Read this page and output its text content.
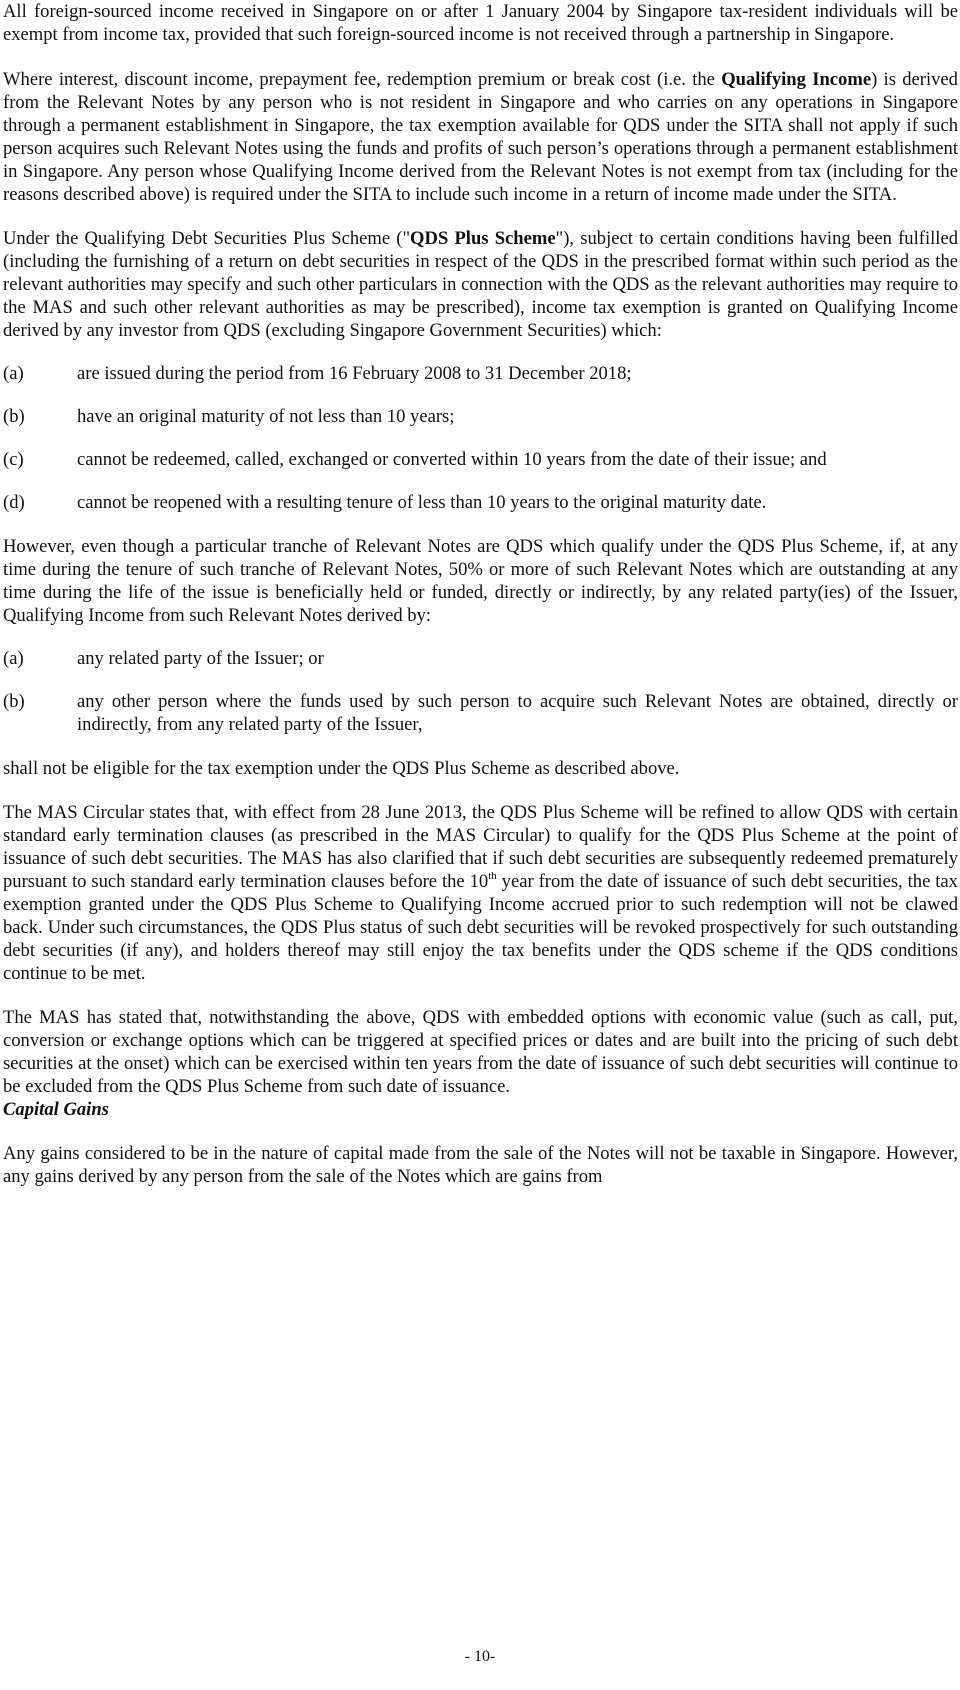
All foreign-sourced income received in Singapore on or after 1 January 2004 by Singapore tax-resident individuals will be exempt from income tax, provided that such foreign-sourced income is not received through a partnership in Singapore.

Where interest, discount income, prepayment fee, redemption premium or break cost (i.e. the Qualifying Income) is derived from the Relevant Notes by any person who is not resident in Singapore and who carries on any operations in Singapore through a permanent establishment in Singapore, the tax exemption available for QDS under the SITA shall not apply if such person acquires such Relevant Notes using the funds and profits of such person’s operations through a permanent establishment in Singapore. Any person whose Qualifying Income derived from the Relevant Notes is not exempt from tax (including for the reasons described above) is required under the SITA to include such income in a return of income made under the SITA.

Under the Qualifying Debt Securities Plus Scheme ("QDS Plus Scheme"), subject to certain conditions having been fulfilled (including the furnishing of a return on debt securities in respect of the QDS in the prescribed format within such period as the relevant authorities may specify and such other particulars in connection with the QDS as the relevant authorities may require to the MAS and such other relevant authorities as may be prescribed), income tax exemption is granted on Qualifying Income derived by any investor from QDS (excluding Singapore Government Securities) which:

(a)	are issued during the period from 16 February 2008 to 31 December 2018;
(b)	have an original maturity of not less than 10 years;
(c)	cannot be redeemed, called, exchanged or converted within 10 years from the date of their issue; and
(d)	cannot be reopened with a resulting tenure of less than 10 years to the original maturity date.

However, even though a particular tranche of Relevant Notes are QDS which qualify under the QDS Plus Scheme, if, at any time during the tenure of such tranche of Relevant Notes, 50% or more of such Relevant Notes which are outstanding at any time during the life of the issue is beneficially held or funded, directly or indirectly, by any related party(ies) of the Issuer, Qualifying Income from such Relevant Notes derived by:

(a)	any related party of the Issuer; or
(b)	any other person where the funds used by such person to acquire such Relevant Notes are obtained, directly or indirectly, from any related party of the Issuer,

shall not be eligible for the tax exemption under the QDS Plus Scheme as described above.

The MAS Circular states that, with effect from 28 June 2013, the QDS Plus Scheme will be refined to allow QDS with certain standard early termination clauses (as prescribed in the MAS Circular) to qualify for the QDS Plus Scheme at the point of issuance of such debt securities. The MAS has also clarified that if such debt securities are subsequently redeemed prematurely pursuant to such standard early termination clauses before the 10th year from the date of issuance of such debt securities, the tax exemption granted under the QDS Plus Scheme to Qualifying Income accrued prior to such redemption will not be clawed back. Under such circumstances, the QDS Plus status of such debt securities will be revoked prospectively for such outstanding debt securities (if any), and holders thereof may still enjoy the tax benefits under the QDS scheme if the QDS conditions continue to be met.

The MAS has stated that, notwithstanding the above, QDS with embedded options with economic value (such as call, put, conversion or exchange options which can be triggered at specified prices or dates and are built into the pricing of such debt securities at the onset) which can be exercised within ten years from the date of issuance of such debt securities will continue to be excluded from the QDS Plus Scheme from such date of issuance.

Capital Gains

Any gains considered to be in the nature of capital made from the sale of the Notes will not be taxable in Singapore. However, any gains derived by any person from the sale of the Notes which are gains from

- 10-
